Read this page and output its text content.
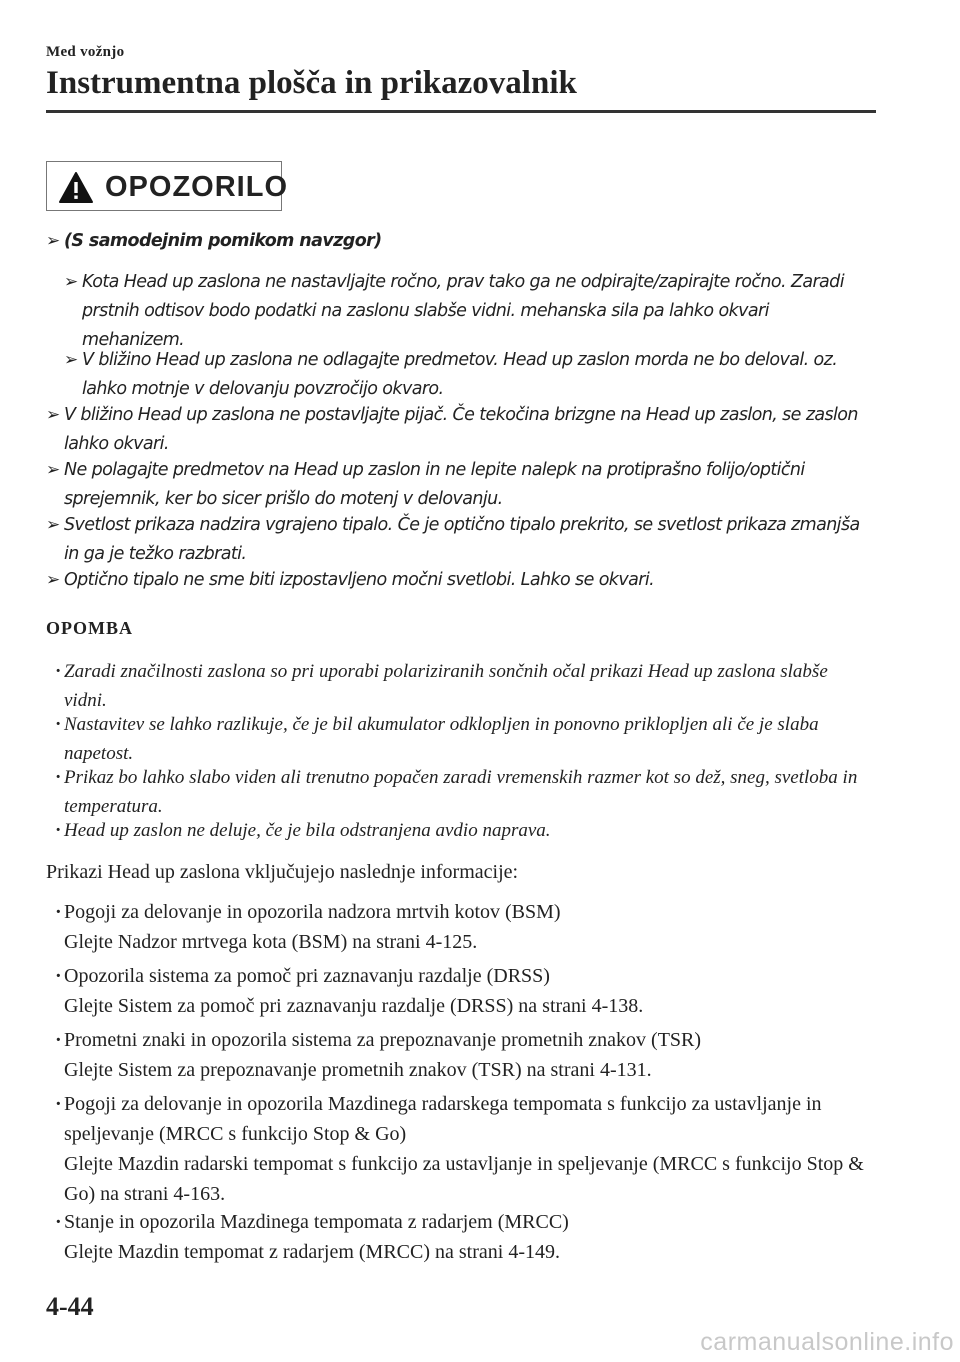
Med vožnjo
Instrumentna plošča in prikazovalnik
OPOZORILO
➢ (S samodejnim pomikom navzgor)
➢ Kota Head up zaslona ne nastavljajte ročno, prav tako ga ne odpirajte/zapirajte ročno. Zaradi prstnih odtisov bodo podatki na zaslonu slabše vidni. mehanska sila pa lahko okvari mehanizem.
➢ V bližino Head up zaslona ne odlagajte predmetov. Head up zaslon morda ne bo deloval. oz. lahko motnje v delovanju povzročijo okvaro.
➢ V bližino Head up zaslona ne postavljajte pijač. Če tekočina brizgne na Head up zaslon, se zaslon lahko okvari.
➢ Ne polagajte predmetov na Head up zaslon in ne lepite nalepk na protiprašno folijo/optični sprejemnik, ker bo sicer prišlo do motenj v delovanju.
➢ Svetlost prikaza nadzira vgrajeno tipalo. Če je optično tipalo prekrito, se svetlost prikaza zmanjša in ga je težko razbrati.
➢ Optično tipalo ne sme biti izpostavljeno močni svetlobi. Lahko se okvari.
OPOMBA
· Zaradi značilnosti zaslona so pri uporabi polariziranih sončnih očal prikazi Head up zaslona slabše vidni.
· Nastavitev se lahko razlikuje, če je bil akumulator odklopljen in ponovno priklopljen ali če je slaba napetost.
· Prikaz bo lahko slabo viden ali trenutno popačen zaradi vremenskih razmer kot so dež, sneg, svetloba in temperatura.
· Head up zaslon ne deluje, če je bila odstranjena avdio naprava.
Prikazi Head up zaslona vključujejo naslednje informacije:
· Pogoji za delovanje in opozorila nadzora mrtvih kotov (BSM)
Glejte Nadzor mrtvega kota (BSM) na strani 4-125.
· Opozorila sistema za pomoč pri zaznavanju razdalje (DRSS)
Glejte Sistem za pomoč pri zaznavanju razdalje (DRSS) na strani 4-138.
· Prometni znaki in opozorila sistema za prepoznavanje prometnih znakov (TSR)
Glejte Sistem za prepoznavanje prometnih znakov (TSR) na strani 4-131.
· Pogoji za delovanje in opozorila Mazdinega radarskega tempomata s funkcijo za ustavljanje in speljevanje (MRCC s funkcijo Stop & Go)
Glejte Mazdin radarski tempomat s funkcijo za ustavljanje in speljevanje (MRCC s funkcijo Stop & Go) na strani 4-163.
· Stanje in opozorila Mazdinega tempomata z radarjem (MRCC)
Glejte Mazdin tempomat z radarjem (MRCC) na strani 4-149.
4-44
carmanualsonline.info
